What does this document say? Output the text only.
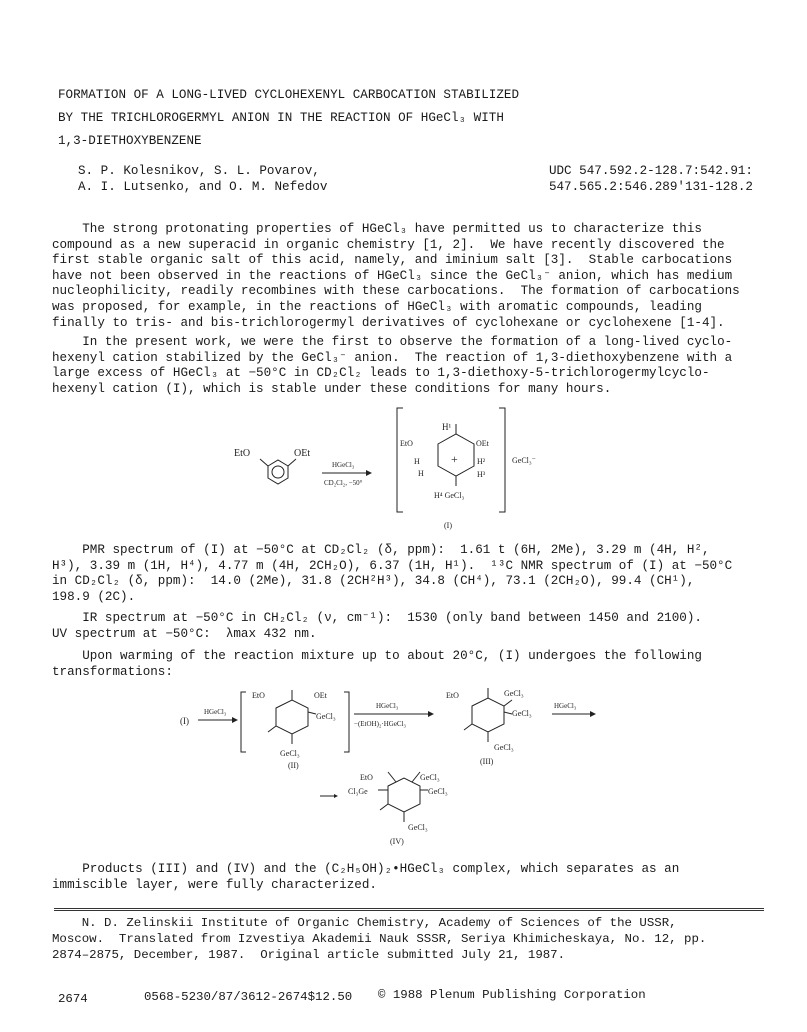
FORMATION OF A LONG-LIVED CYCLOHEXENYL CARBOCATION STABILIZED
BY THE TRICHLOROGERMYL ANION IN THE REACTION OF HGeCl₃ WITH
1,3-DIETHOXYBENZENE
S. P. Kolesnikov, S. L. Povarov,
A. I. Lutsenko, and O. M. Nefedov
UDC 547.592.2-128.7:542.91:
547.565.2:546.289'131-128.2

The strong protonating properties of HGeCl₃ have permitted us to characterize this
compound as a new superacid in organic chemistry [1, 2].  We have recently discovered the
first stable organic salt of this acid, namely, and iminium salt [3].  Stable carbocations
have not been observed in the reactions of HGeCl₃ since the GeCl₃⁻ anion, which has medium
nucleophilicity, readily recombines with these carbocations.  The formation of carbocations
was proposed, for example, in the reactions of HGeCl₃ with aromatic compounds, leading
finally to tris- and bis-trichlorogermyl derivatives of cyclohexane or cyclohexene [1-4].

In the present work, we were the first to observe the formation of a long-lived cyclo-
hexenyl cation stabilized by the GeCl₃⁻ anion.  The reaction of 1,3-diethoxybenzene with a
large excess of HGeCl₃ at −50°C in CD₂Cl₂ leads to 1,3-diethoxy-5-trichlorogermylcyclo-
hexenyl cation (I), which is stable under these conditions for many hours.

EtO	OEt
HGeCl₃
CD₂Cl₂, −50°
H¹
EtO	OEt
H
H
+ H²
H³
H⁴ GeCl₃
GeCl₃⁻
(I)

PMR spectrum of (I) at −50°C at CD₂Cl₂ (δ, ppm):  1.61 t (6H, 2Me), 3.29 m (4H, H²,
H³), 3.39 m (1H, H⁴), 4.77 m (4H, 2CH₂O), 6.37 (1H, H¹).  ¹³C NMR spectrum of (I) at −50°C
in CD₂Cl₂ (δ, ppm):  14.0 (2Me), 31.8 (2CH²H³), 34.8 (CH⁴), 73.1 (2CH₂O), 99.4 (CH¹),
198.9 (2C).

IR spectrum at −50°C in CH₂Cl₂ (ν, cm⁻¹):  1530 (only band between 1450 and 2100).
UV spectrum at −50°C:  λmax 432 nm.

Upon warming of the reaction mixture up to about 20°C, (I) undergoes the following
transformations:

(I)
HGeCl₃
EtO	OEt
GeCl₃
GeCl₃
(II)
HGeCl₃
−(EtOH)₂·HGeCl₃
EtO	GeCl₃
GeCl₃
GeCl₃
(III)
HGeCl₃
EtO	GeCl₃
Cl₃Ge	GeCl₃
GeCl₃
(IV)

Products (III) and (IV) and the (C₂H₅OH)₂•HGeCl₃ complex, which separates as an
immiscible layer, were fully characterized.

N. D. Zelinskii Institute of Organic Chemistry, Academy of Sciences of the USSR,
Moscow.  Translated from Izvestiya Akademii Nauk SSSR, Seriya Khimicheskaya, No. 12, pp.
2874–2875, December, 1987.  Original article submitted July 21, 1987.
2674	0568-5230/87/3612-2674$12.50 © 1988 Plenum Publishing Corporation
